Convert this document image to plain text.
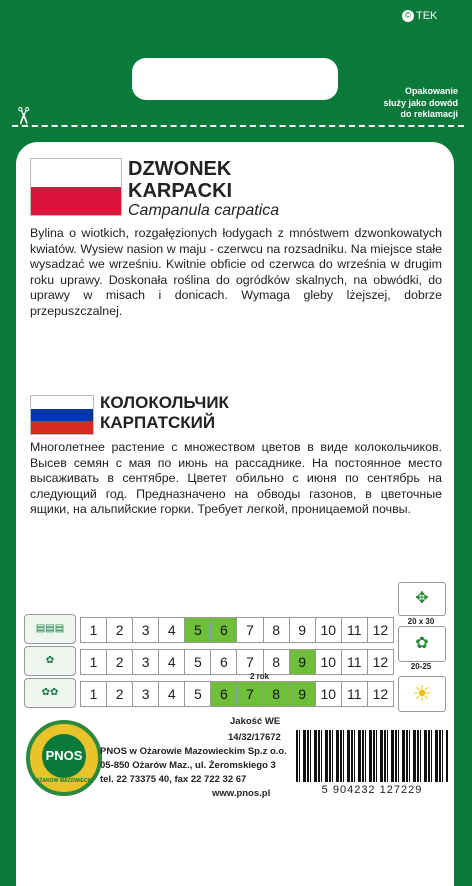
© TEK
Opakowanie
służy jako dowód
do reklamacji
✂
DZWONEK
KARPACKI
Campanula carpatica
Bylina o wiotkich, rozgałęzionych łodygach z mnóstwem dzwonkowatych kwiatów. Wysiew nasion w maju - czerwcu na rozsadniku. Na miejsce stałe wysadzać we wrześniu. Kwitnie obficie od czerwca do września w drugim roku uprawy. Doskonała roślina do ogródków skalnych, na obwódki, do uprawy w misach i donicach. Wymaga gleby lżejszej, dobrze przepuszczalnej.
КОЛОКОЛЬЧИК
КАРПАТСКИЙ
Многолетнее растение с множеством цветов в виде колокольчиков. Высев семян с мая по июнь на рассаднике. На постоянное место высаживать в сентябре. Цветет обильно с июня по сентябрь на следующий год. Предназначено на обводы газонов, в цветочные ящики, на альпийские горки. Требует легкой, проницаемой почвы.
▤▤▤	1	2	3	4	5	6	7	8	9	10 11 12
✿	1	2	3	4	5	6	7	8	9	10 11 12
✿✿	1	2	3	4	5	6	7	8	9	10 11 12
2 rok
✥
20 x 30
✿
20-25
☀
PNOS
OŻARÓW MAZOWIECKI
Jakość WE
14/32/17672
PNOS w Ożarowie Mazowieckim Sp.z o.o.
05-850 Ożarów Maz., ul. Żeromskiego 3
tel. 22 73375 40, fax 22 722 32 67
www.pnos.pl	5 904232 127229
